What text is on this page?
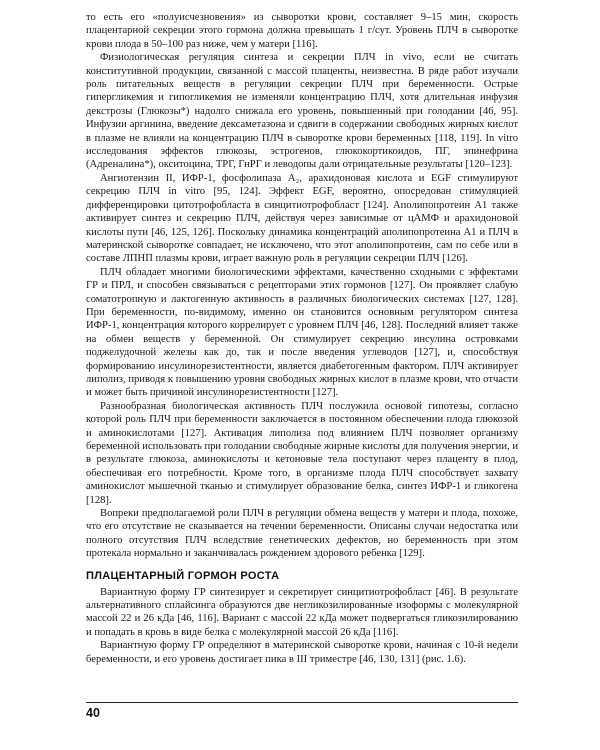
то есть его «полуисчезновения» из сыворотки крови, составляет 9–15 мин, скорость плацентарной секреции этого гормона должна превышать 1 г/сут. Уровень ПЛЧ в сыворотке крови плода в 50–100 раз ниже, чем у матери [116].

Физиологическая регуляция синтеза и секреции ПЛЧ in vivo, если не считать конститутивной продукции, связанной с массой плаценты, неизвестна. В ряде работ изучали роль питательных веществ в регуляции секреции ПЛЧ при беременности. Острые гипергликемия и гипогликемия не изменяли концентрацию ПЛЧ, хотя длительная инфузия декстрозы (Глюкозы*) надолго снижала его уровень, повышенный при голодании [46, 95]. Инфузии аргинина, введение дексаметазона и сдвиги в содержании свободных жирных кислот в плазме не влияли на концентрацию ПЛЧ в сыворотке крови беременных [118, 119]. In vitro исследования эффектов глюкозы, эстрогенов, глюкокортикоидов, ПГ, эпинефрина (Адреналина*), окситоцина, ТРГ, ГнРГ и леводопы дали отрицательные результаты [120–123].

Ангиотензин II, ИФР-1, фосфолипаза A₂, арахидоновая кислота и EGF стимулируют секрецию ПЛЧ in vitro [95, 124]. Эффект EGF, вероятно, опосредован стимуляцией дифференцировки цитотрофобласта в синцитиотрофобласт [124]. Аполипопротеин A1 также активирует синтез и секрецию ПЛЧ, действуя через зависимые от цАМФ и арахидоновой кислоты пути [46, 125, 126]. Поскольку динамика концентраций аполипопротеина A1 и ПЛЧ в материнской сыворотке совпадает, не исключено, что этот аполипопротеин, сам по себе или в составе ЛПНП плазмы крови, играет важную роль в регуляции секреции ПЛЧ [126].

ПЛЧ обладает многими биологическими эффектами, качественно сходными с эффектами ГР и ПРЛ, и способен связываться с рецепторами этих гормонов [127]. Он проявляет слабую соматотропную и лактогенную активность в различных биологических системах [127, 128]. При беременности, по-видимому, именно он становится основным регулятором синтеза ИФР-1, концентрация которого коррелирует с уровнем ПЛЧ [46, 128]. Последний влияет также на обмен веществ у беременной. Он стимулирует секрецию инсулина островками поджелудочной железы как до, так и после введения углеводов [127], и, способствуя формированию инсулинорезистентности, является диабетогенным фактором. ПЛЧ активирует липолиз, приводя к повышению уровня свободных жирных кислот в плазме крови, что отчасти и может быть причиной инсулинорезистентности [127].

Разнообразная биологическая активность ПЛЧ послужила основой гипотезы, согласно которой роль ПЛЧ при беременности заключается в постоянном обеспечении плода глюкозой и аминокислотами [127]. Активация липолиза под влиянием ПЛЧ позволяет организму беременной использовать при голодании свободные жирные кислоты для получения энергии, и в результате глюкоза, аминокислоты и кетоновые тела поступают через плаценту в плод, обеспечивая его потребности. Кроме того, в организме плода ПЛЧ способствует захвату аминокислот мышечной тканью и стимулирует образование белка, синтез ИФР-1 и гликогена [128].

Вопреки предполагаемой роли ПЛЧ в регуляции обмена веществ у матери и плода, похоже, что его отсутствие не сказывается на течении беременности. Описаны случаи недостатка или полного отсутствия ПЛЧ вследствие генетических дефектов, но беременность при этом протекала нормально и заканчивалась рождением здорового ребенка [129].

ПЛАЦЕНТАРНЫЙ ГОРМОН РОСТА

Вариантную форму ГР синтезирует и секретирует синцитиотрофобласт [46]. В результате альтернативного сплайсинга образуются две негликозилированные изоформы с молекулярной массой 22 и 26 кДа [46, 116]. Вариант с массой 22 кДа может подвергаться гликозилированию и попадать в кровь в виде белка с молекулярной массой 26 кДа [116].

Вариантную форму ГР определяют в материнской сыворотке крови, начиная с 10-й недели беременности, и его уровень достигает пика в III триместре [46, 130, 131] (рис. 1.6).

40
